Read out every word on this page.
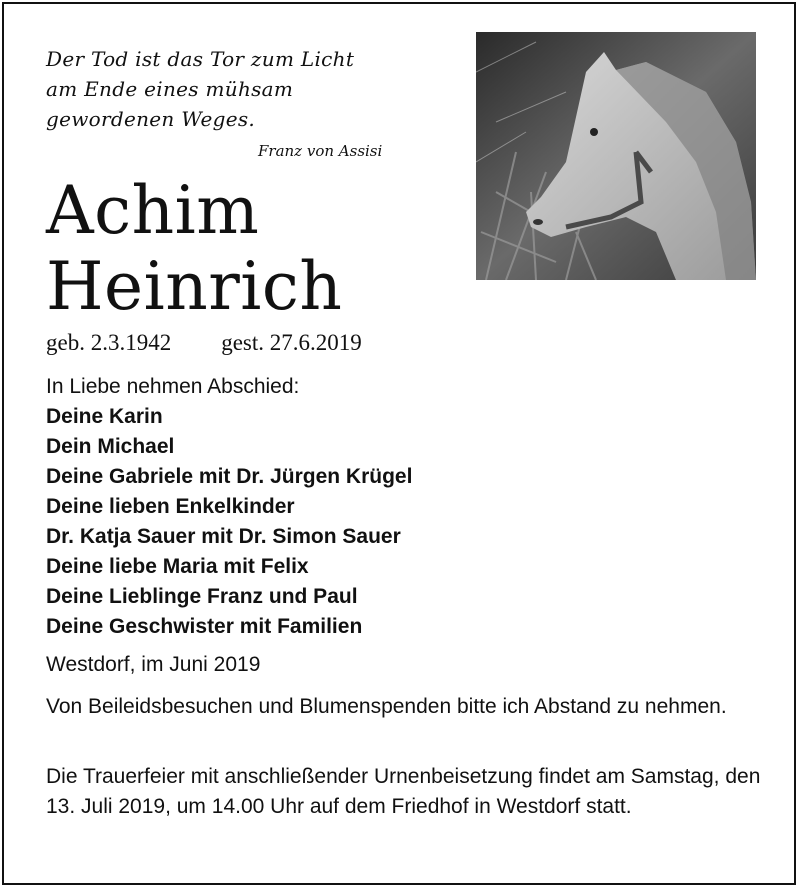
Der Tod ist das Tor zum Licht
am Ende eines mühsam
gewordenen Weges.
Franz von Assisi
Achim
Heinrich
geb. 2.3.1942 gest. 27.6.2019
In Liebe nehmen Abschied:
Deine Karin
Dein Michael
Deine Gabriele mit Dr. Jürgen Krügel
Deine lieben Enkelkinder
Dr. Katja Sauer mit Dr. Simon Sauer
Deine liebe Maria mit Felix
Deine Lieblinge Franz und Paul
Deine Geschwister mit Familien
Westdorf, im Juni 2019
Von Beileidsbesuchen und Blumenspenden bitte ich Abstand zu nehmen.
Die Trauerfeier mit anschließender Urnenbeisetzung findet am Samstag, den 13. Juli 2019, um 14.00 Uhr auf dem Friedhof in Westdorf statt.
